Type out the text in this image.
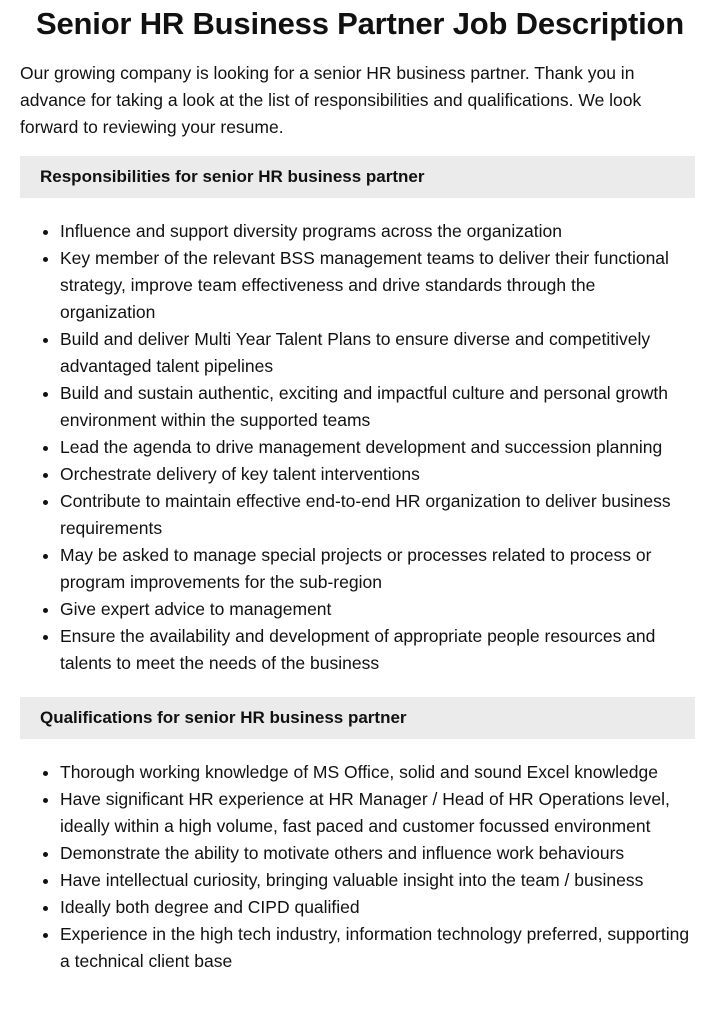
Senior HR Business Partner Job Description

Our growing company is looking for a senior HR business partner. Thank you in advance for taking a look at the list of responsibilities and qualifications. We look forward to reviewing your resume.

Responsibilities for senior HR business partner
• Influence and support diversity programs across the organization
• Key member of the relevant BSS management teams to deliver their functional strategy, improve team effectiveness and drive standards through the organization
• Build and deliver Multi Year Talent Plans to ensure diverse and competitively advantaged talent pipelines
• Build and sustain authentic, exciting and impactful culture and personal growth environment within the supported teams
• Lead the agenda to drive management development and succession planning
• Orchestrate delivery of key talent interventions
• Contribute to maintain effective end-to-end HR organization to deliver business requirements
• May be asked to manage special projects or processes related to process or program improvements for the sub-region
• Give expert advice to management
• Ensure the availability and development of appropriate people resources and talents to meet the needs of the business
Qualifications for senior HR business partner
• Thorough working knowledge of MS Office, solid and sound Excel knowledge
• Have significant HR experience at HR Manager / Head of HR Operations level, ideally within a high volume, fast paced and customer focussed environment
• Demonstrate the ability to motivate others and influence work behaviours
• Have intellectual curiosity, bringing valuable insight into the team / business
• Ideally both degree and CIPD qualified
• Experience in the high tech industry, information technology preferred, supporting a technical client base
